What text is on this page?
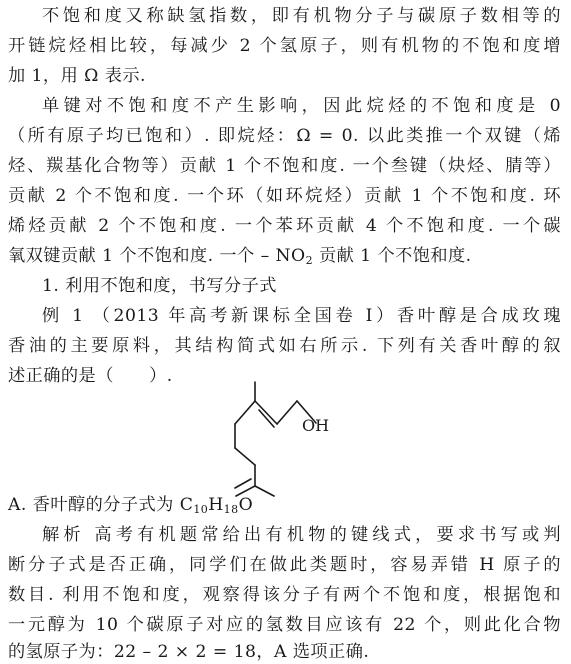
不饱和度又称缺氢指数，即有机物分子与碳原子数相等的
开链烷烃相比较，每减少 2 个氢原子，则有机物的不饱和度增
加 1，用 Ω 表示.
单键对不饱和度不产生影响，因此烷烃的不饱和度是 0
（所有原子均已饱和）. 即烷烃：Ω = 0. 以此类推一个双键（烯
烃、羰基化合物等）贡献 1 个不饱和度. 一个叁键（炔烃、腈等）
贡献 2 个不饱和度. 一个环（如环烷烃）贡献 1 个不饱和度. 环
烯烃贡献 2 个不饱和度. 一个苯环贡献 4 个不饱和度. 一个碳
氧双键贡献 1 个不饱和度. 一个 – $NO_2$ 贡献 1 个不饱和度.
1. 利用不饱和度，书写分子式
例 1 （2013 年高考新课标全国卷 Ⅰ）香叶醇是合成玫瑰
香油的主要原料，其结构简式如右所示. 下列有关香叶醇的叙
述正确的是（　　）.
OH
A. 香叶醇的分子式为 $C_{10}H_{18}O$
解析 高考有机题常给出有机物的键线式，要求书写或判
断分子式是否正确，同学们在做此类题时，容易弄错 H 原子的
数目. 利用不饱和度，观察得该分子有两个不饱和度，根据饱和
一元醇为 10 个碳原子对应的氢数目应该有 22 个，则此化合物
的氢原子为：22 – 2 × 2 = 18，A 选项正确.
